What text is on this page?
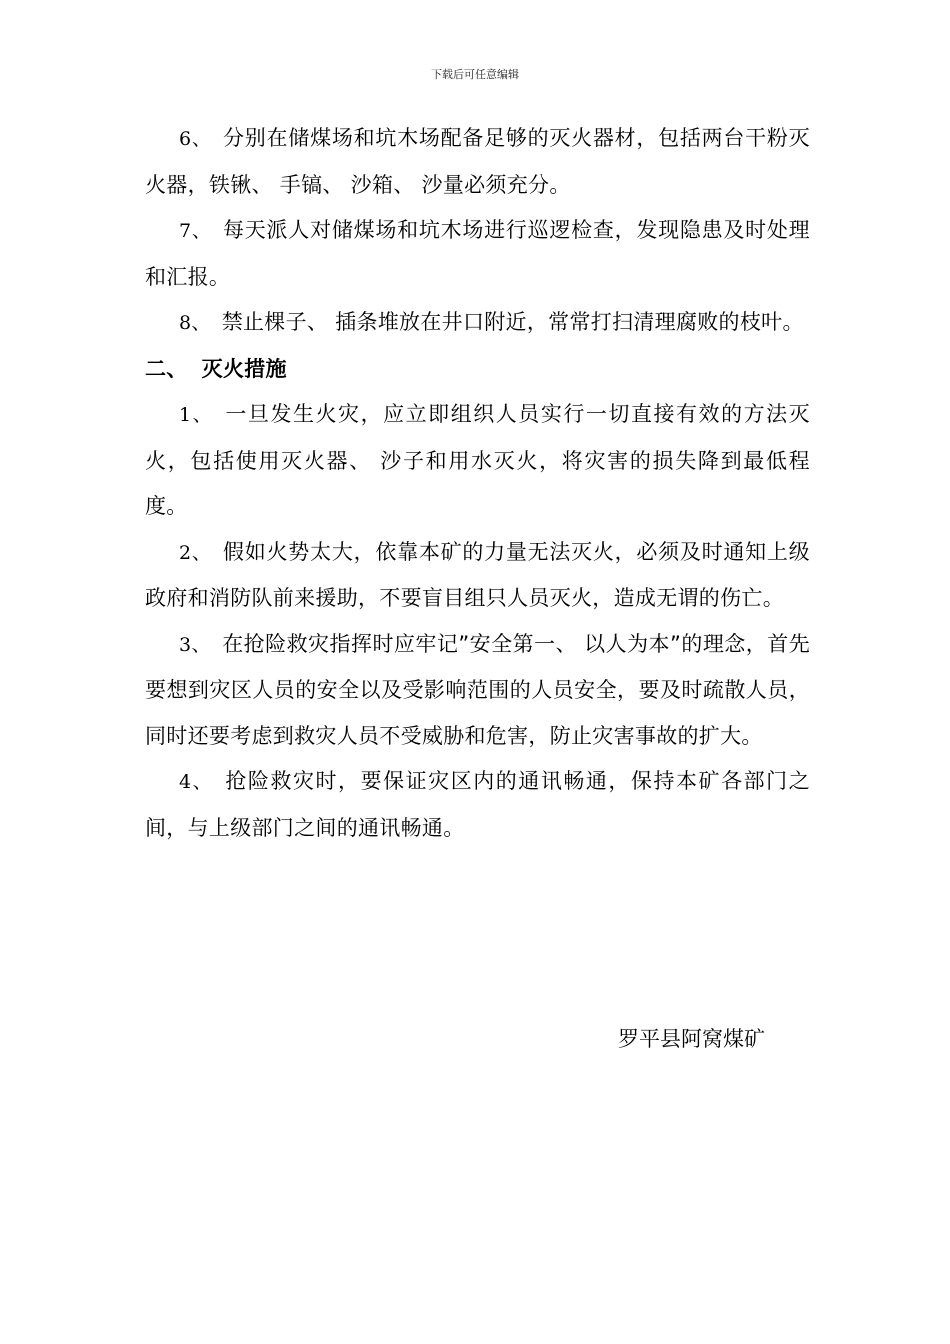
下载后可任意编辑

6、 分别在储煤场和坑木场配备足够的灭火器材，包括两台干粉灭火器，铁锹、 手镐、 沙箱、 沙量必须充分。

7、 每天派人对储煤场和坑木场进行巡逻检查，发现隐患及时处理和汇报。

8、 禁止棵子、 插条堆放在井口附近，常常打扫清理腐败的枝叶。

二、 灭火措施

1、 一旦发生火灾，应立即组织人员实行一切直接有效的方法灭火，包括使用灭火器、 沙子和用水灭火，将灾害的损失降到最低程度。

2、 假如火势太大，依靠本矿的力量无法灭火，必须及时通知上级政府和消防队前来援助，不要盲目组只人员灭火，造成无谓的伤亡。

3、 在抢险救灾指挥时应牢记”安全第一、 以人为本”的理念，首先要想到灾区人员的安全以及受影响范围的人员安全，要及时疏散人员，同时还要考虑到救灾人员不受威胁和危害，防止灾害事故的扩大。

4、 抢险救灾时，要保证灾区内的通讯畅通，保持本矿各部门之间，与上级部门之间的通讯畅通。

罗平县阿窝煤矿
